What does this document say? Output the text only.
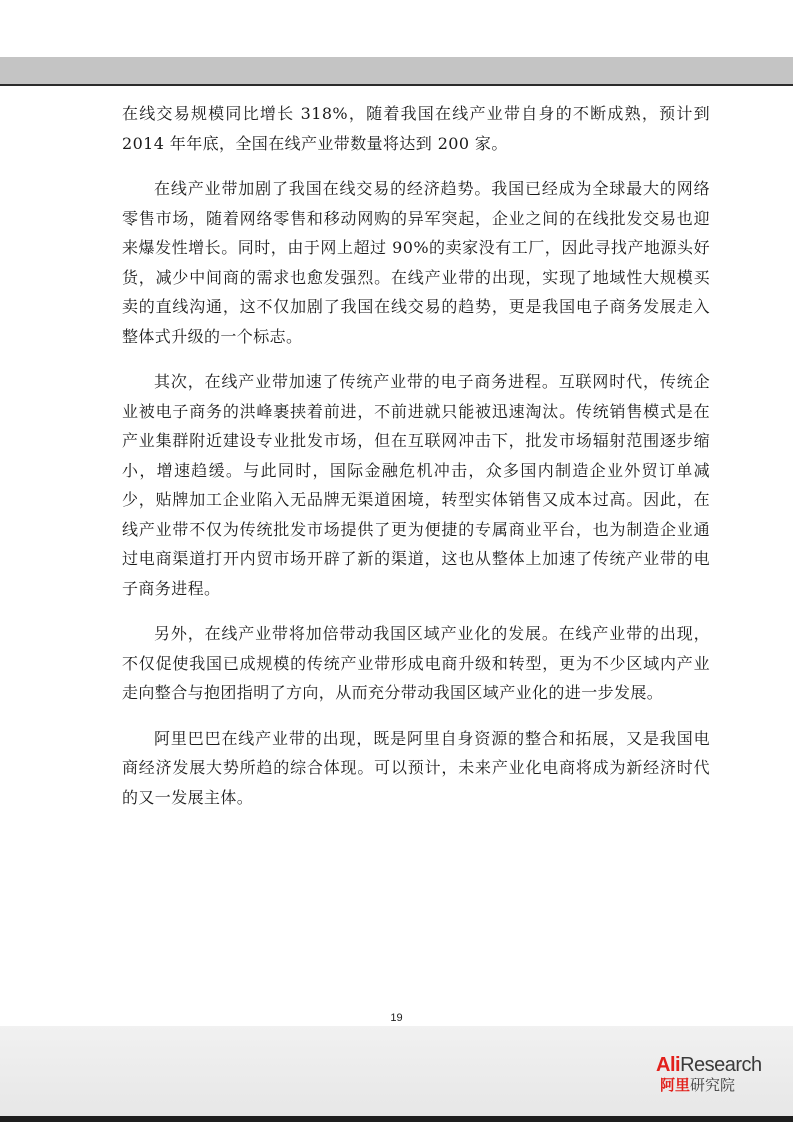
在线交易规模同比增长 318%，随着我国在线产业带自身的不断成熟，预计到 2014 年年底，全国在线产业带数量将达到 200 家。

在线产业带加剧了我国在线交易的经济趋势。我国已经成为全球最大的网络零售市场，随着网络零售和移动网购的异军突起，企业之间的在线批发交易也迎来爆发性增长。同时，由于网上超过 90%的卖家没有工厂，因此寻找产地源头好货，减少中间商的需求也愈发强烈。在线产业带的出现，实现了地域性大规模买卖的直线沟通，这不仅加剧了我国在线交易的趋势，更是我国电子商务发展走入整体式升级的一个标志。

其次，在线产业带加速了传统产业带的电子商务进程。互联网时代，传统企业被电子商务的洪峰裹挟着前进，不前进就只能被迅速淘汰。传统销售模式是在产业集群附近建设专业批发市场，但在互联网冲击下，批发市场辐射范围逐步缩小，增速趋缓。与此同时，国际金融危机冲击，众多国内制造企业外贸订单减少，贴牌加工企业陷入无品牌无渠道困境，转型实体销售又成本过高。因此，在线产业带不仅为传统批发市场提供了更为便捷的专属商业平台，也为制造企业通过电商渠道打开内贸市场开辟了新的渠道，这也从整体上加速了传统产业带的电子商务进程。

另外，在线产业带将加倍带动我国区域产业化的发展。在线产业带的出现，不仅促使我国已成规模的传统产业带形成电商升级和转型，更为不少区域内产业走向整合与抱团指明了方向，从而充分带动我国区域产业化的进一步发展。

阿里巴巴在线产业带的出现，既是阿里自身资源的整合和拓展，又是我国电商经济发展大势所趋的综合体现。可以预计，未来产业化电商将成为新经济时代的又一发展主体。

19
AliResearch
阿里研究院
